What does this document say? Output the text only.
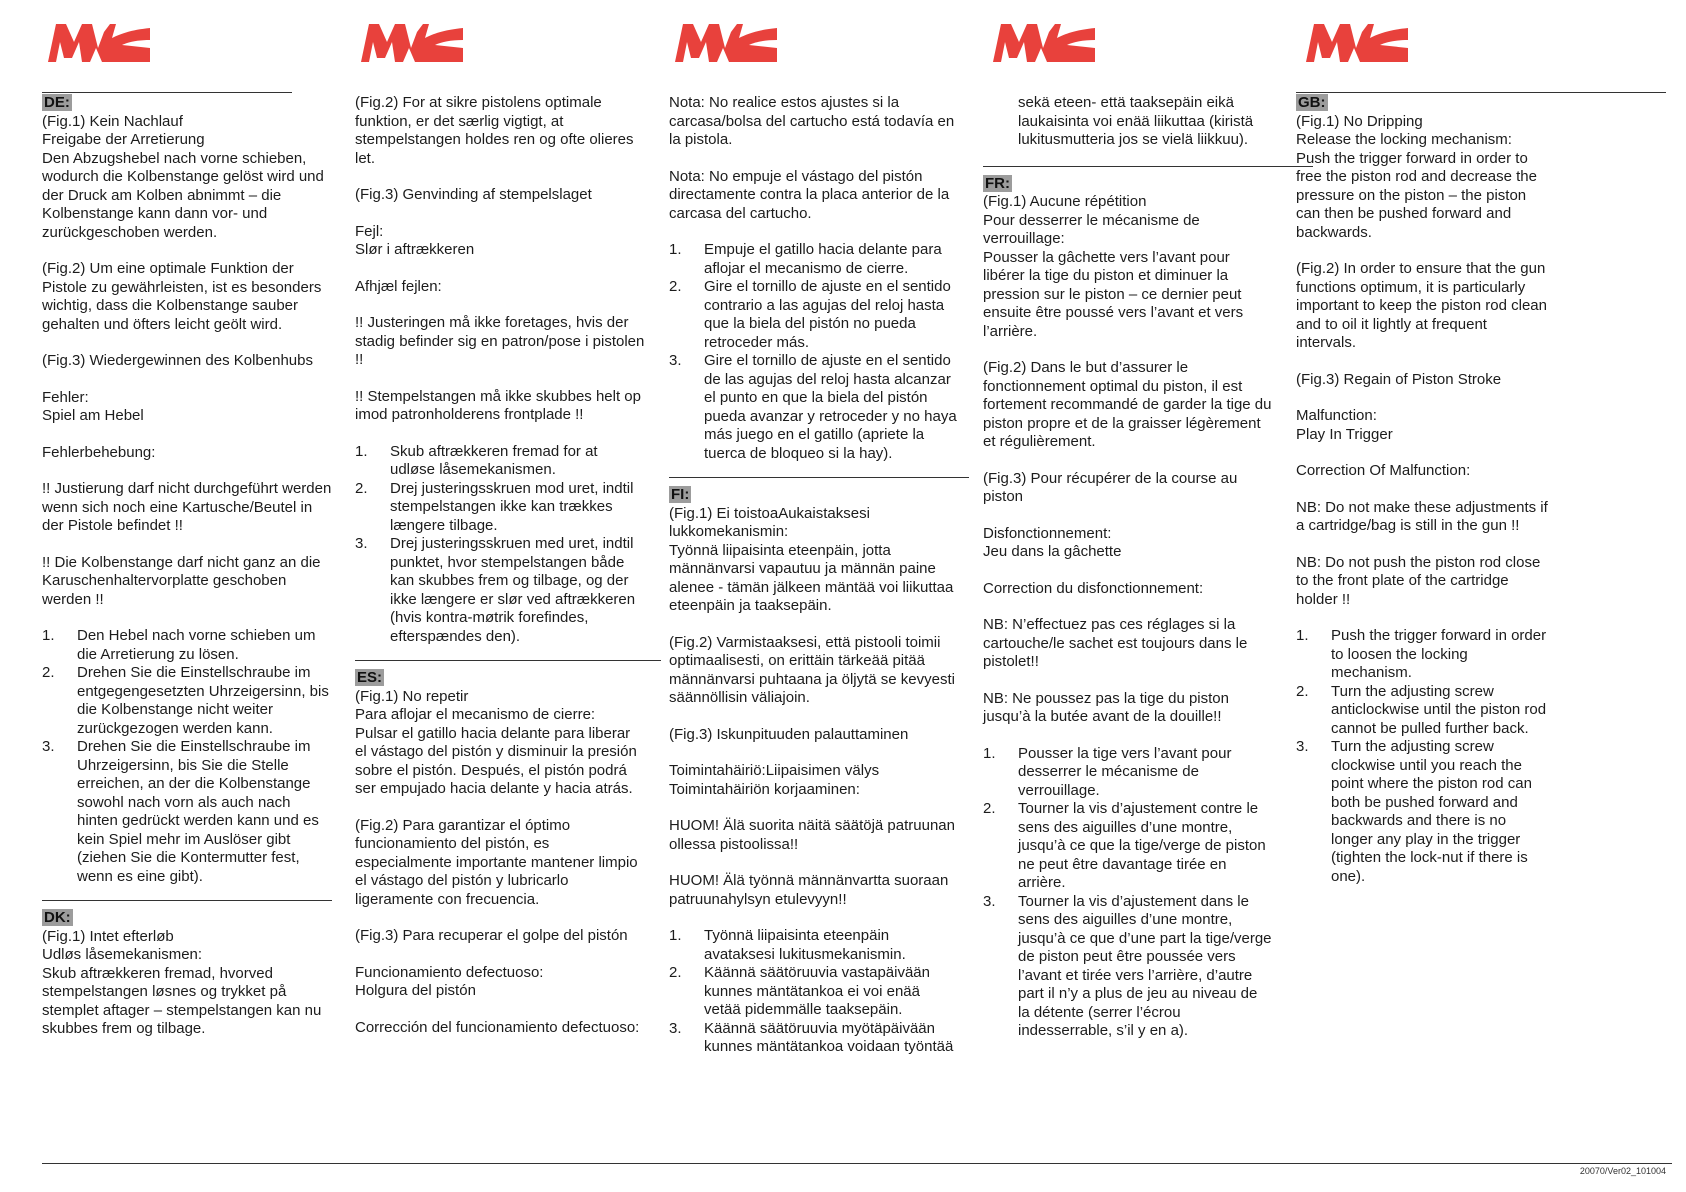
DE:

(Fig.1) Kein Nachlauf
Freigabe der Arretierung
Den Abzugshebel nach vorne schieben, wodurch die Kolbenstange gelöst wird und der Druck am Kolben abnimmt – die Kolbenstange kann dann vor- und zurückgeschoben werden.

(Fig.2) Um eine optimale Funktion der Pistole zu gewährleisten, ist es besonders wichtig, dass die Kolbenstange sauber gehalten und öfters leicht geölt wird.

(Fig.3) Wiedergewinnen des Kolbenhubs

Fehler:
Spiel am Hebel

Fehlerbehebung:

!! Justierung darf nicht durchgeführt werden wenn sich noch eine Kartusche/Beutel in der Pistole befindet !!

!! Die Kolbenstange darf nicht ganz an die Karuschenhaltervorplatte geschoben werden !!

1. Den Hebel nach vorne schieben um die Arretierung zu lösen.
2. Drehen Sie die Einstellschraube im entgegengesetzten Uhrzeigersinn, bis die Kolbenstange nicht weiter zurückgezogen werden kann.
3. Drehen Sie die Einstellschraube im Uhrzeigersinn, bis Sie die Stelle erreichen, an der die Kolbenstange sowohl nach vorn als auch nach hinten gedrückt werden kann und es kein Spiel mehr im Auslöser gibt (ziehen Sie die Kontermutter fest, wenn es eine gibt).
DK:

(Fig.1) Intet efterløb
Udløs låsemekanismen:
Skub aftrækkeren fremad, hvorved stempelstangen løsnes og trykket på stemplet aftager – stempelstangen kan nu skubbes frem og tilbage.

(Fig.2) For at sikre pistolens optimale funktion, er det særlig vigtigt, at stempelstangen holdes ren og ofte olieres let.

(Fig.3) Genvinding af stempelslaget

Fejl:
Slør i aftrækkeren

Afhjæl fejlen:

!! Justeringen må ikke foretages, hvis der stadig befinder sig en patron/pose i pistolen !!

!! Stempelstangen må ikke skubbes helt op imod patronholderens frontplade !!

1. Skub aftrækkeren fremad for at udløse låsemekanismen.
2. Drej justeringsskruen mod uret, indtil stempelstangen ikke kan trækkes længere tilbage.
3. Drej justeringsskruen med uret, indtil punktet, hvor stempelstangen både kan skubbes frem og tilbage, og der ikke længere er slør ved aftrækkeren (hvis kontra-møtrik forefindes, efterspændes den).
ES:

(Fig.1) No repetir
Para aflojar el mecanismo de cierre:
Pulsar el gatillo hacia delante para liberar el vástago del pistón y disminuir la presión sobre el pistón. Después, el pistón podrá ser empujado hacia delante y hacia atrás.

(Fig.2) Para garantizar el óptimo funcionamiento del pistón, es especialmente importante mantener limpio el vástago del pistón y lubricarlo ligeramente con frecuencia.

(Fig.3) Para recuperar el golpe del pistón

Funcionamiento defectuoso:
Holgura del pistón

Corrección del funcionamiento defectuoso:

Nota: No realice estos ajustes si la carcasa/bolsa del cartucho está todavía en la pistola.

Nota: No empuje el vástago del pistón directamente contra la placa anterior de la carcasa del cartucho.

1. Empuje el gatillo hacia delante para aflojar el mecanismo de cierre.
2. Gire el tornillo de ajuste en el sentido contrario a las agujas del reloj hasta que la biela del pistón no pueda retroceder más.
3. Gire el tornillo de ajuste en el sentido de las agujas del reloj hasta alcanzar el punto en que la biela del pistón pueda avanzar y retroceder y no haya más juego en el gatillo (apriete la tuerca de bloqueo si la hay).
FI:

(Fig.1) Ei toistoaAukaistaksesi lukkomekanismin:
Työnnä liipaisinta eteenpäin, jotta männänvarsi vapautuu ja männän paine alenee - tämän jälkeen mäntää voi liikuttaa eteenpäin ja taaksepäin.

(Fig.2) Varmistaaksesi, että pistooli toimii optimaalisesti, on erittäin tärkeää pitää männänvarsi puhtaana ja öljytä se kevyesti säännöllisin väliajoin.

(Fig.3) Iskunpituuden palauttaminen

Toimintahäiriö:Liipaisimen välys
Toimintahäiriön korjaaminen:

HUOM! Älä suorita näitä säätöjä patruunan ollessa pistoolissa!!

HUOM! Älä työnnä männänvartta suoraan patruunahylsyn etulevyyn!!

1. Työnnä liipaisinta eteenpäin avataksesi lukitusmekanismin.
2. Käännä säätöruuvia vastapäivään kunnes mäntätankoa ei voi enää vetää pidemmälle taaksepäin.
3. Käännä säätöruuvia myötäpäivään kunnes mäntätankoa voidaan työntää

sekä eteen- että taaksepäin eikä laukaisinta voi enää liikuttaa (kiristä lukitusmutteria jos se vielä liikkuu).

FR:

(Fig.1) Aucune répétition
Pour desserrer le mécanisme de verrouillage:
Pousser la gâchette vers l’avant pour libérer la tige du piston et diminuer la pression sur le piston – ce dernier peut ensuite être poussé vers l’avant et vers l’arrière.

(Fig.2) Dans le but d’assurer le fonctionnement optimal du piston, il est fortement recommandé de garder la tige du piston propre et de la graisser légèrement et régulièrement.

(Fig.3) Pour récupérer de la course au piston

Disfonctionnement:
Jeu dans la gâchette

Correction du disfonctionnement:

NB: N’effectuez pas ces réglages si la cartouche/le sachet est toujours dans le pistolet!!

NB: Ne poussez pas la tige du piston jusqu’à la butée avant de la douille!!

1. Pousser la tige vers l’avant pour desserrer le mécanisme de verrouillage.
2. Tourner la vis d’ajustement contre le sens des aiguilles d’une montre, jusqu’à ce que la tige/verge de piston ne peut être davantage tirée en arrière.
3. Tourner la vis d’ajustement dans le sens des aiguilles d’une montre, jusqu’à ce que d’une part la tige/verge de piston peut être poussée vers l’avant et tirée vers l’arrière, d’autre part il n’y a plus de jeu au niveau de la détente (serrer l’écrou indesserrable, s’il y en a).
GB:

(Fig.1) No Dripping
Release the locking mechanism:
Push the trigger forward in order to free the piston rod and decrease the pressure on the piston – the piston can then be pushed forward and backwards.

(Fig.2) In order to ensure that the gun functions optimum, it is particularly important to keep the piston rod clean and to oil it lightly at frequent intervals.

(Fig.3) Regain of Piston Stroke

Malfunction:
Play In Trigger

Correction Of Malfunction:

NB: Do not make these adjustments if a cartridge/bag is still in the gun !!

NB: Do not push the piston rod close to the front plate of the cartridge holder !!

1. Push the trigger forward in order to loosen the locking mechanism.
2. Turn the adjusting screw anticlockwise until the piston rod cannot be pulled further back.
3. Turn the adjusting screw clockwise until you reach the point where the piston rod can both be pushed forward and backwards and there is no longer any play in the trigger (tighten the lock-nut if there is one).
20070/Ver02_101004
